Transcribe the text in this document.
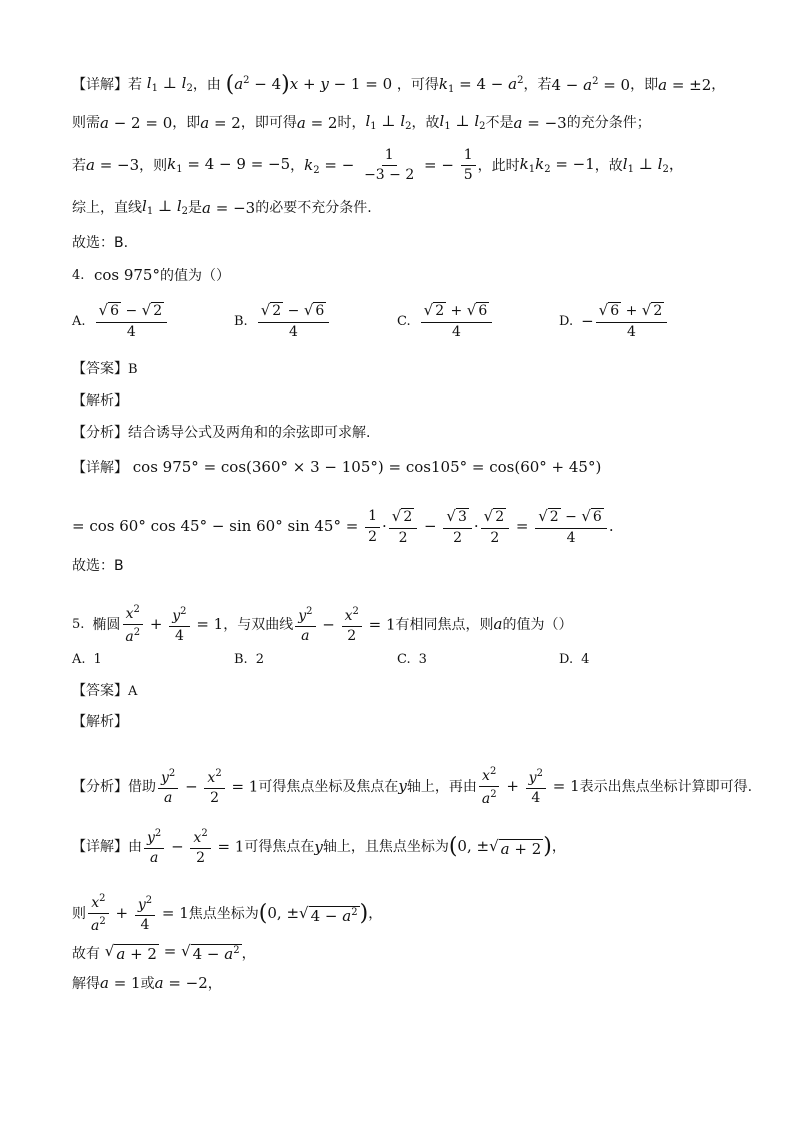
【详解】 若 $l_1$ ⊥ $l_2$ ，由 $(a^2 - 4)x + y - 1 = 0$ ，可得 $k_1 = 4 - a^2$ ，若 $4 - a^2 = 0$ ，即 a = ±2 ，
则需 a − 2 = 0 ，即 a = 2 ，即可得 a = 2 时， $l_1$ ⊥ $l_2$ ，故 $l_1$ ⊥ $l_2$ 不是 a = −3 的充分条件；
若 a = −3 ，则 $k_1 = 4 - 9 = -5$ ， $k_2$ = − $\frac{1}{-3 - 2}$ = − $\frac{1}{5}$ ，此时 $k_1k_2 = -1$ ，故 $l_1$ ⊥ $l_2$，
综上，直线 $l_1$ ⊥ $l_2$ 是 a = −3 的必要不充分条件.
故选：B.
4. cos 975° 的值为（）
A. $\frac{√ 6 - √ 2}{4}$	B. $\frac{√ 2 - √ 6}{4}$	C. $\frac{√ 2 + √ 6}{4}$	D. − $\frac{√ 6 + √ 2}{4}$
【答案】 B
【解析】
【分析】 结合诱导公式及两角和的余弦即可求解.
【详解】 cos 975° = cos(360° × 3 − 105°) = cos105° = cos(60° + 45°)
= cos 60° cos 45° − sin 60° $\sin 45^\circ = \frac{1}{2} \cdot \frac{√ 2}{2} - \frac{√ 3}{2} \cdot \frac{√ 2}{2} = \frac{√ 2 - √ 6}{4}$ .
故选：B
5. 椭圆 $\frac{x^2}{a^2} + \frac{y^2}{4} = 1$ ，与双曲线 $\frac{y^2}{a} - \frac{x^2}{2} = 1$ 有相同焦点，则 a 的值为（）
A. 1	B. 2	C. 3	D. 4
【答案】 A
【解析】
【分析】 借助 $\frac{y^2}{a} - \frac{x^2}{2} = 1$ 可得焦点坐标及焦点在 y 轴上，再由 $\frac{x^2}{a^2} + \frac{y^2}{4} = 1$ 表示出焦点坐标计算即可得.
【详解】 由 $\frac{y^2}{a} - \frac{x^2}{2} = 1$ 可得焦点在 y 轴上，且焦点坐标为 (0, ± √ a + 2 ) ，
则 $\frac{x^2}{a^2} + \frac{y^2}{4} = 1$ 焦点坐标为 (0, ± √ $4 - a^2$ ) ，
故有
√ a + 2 = √ $4 - a^2$ ，
解得 a = 1 或 a = −2 ，
